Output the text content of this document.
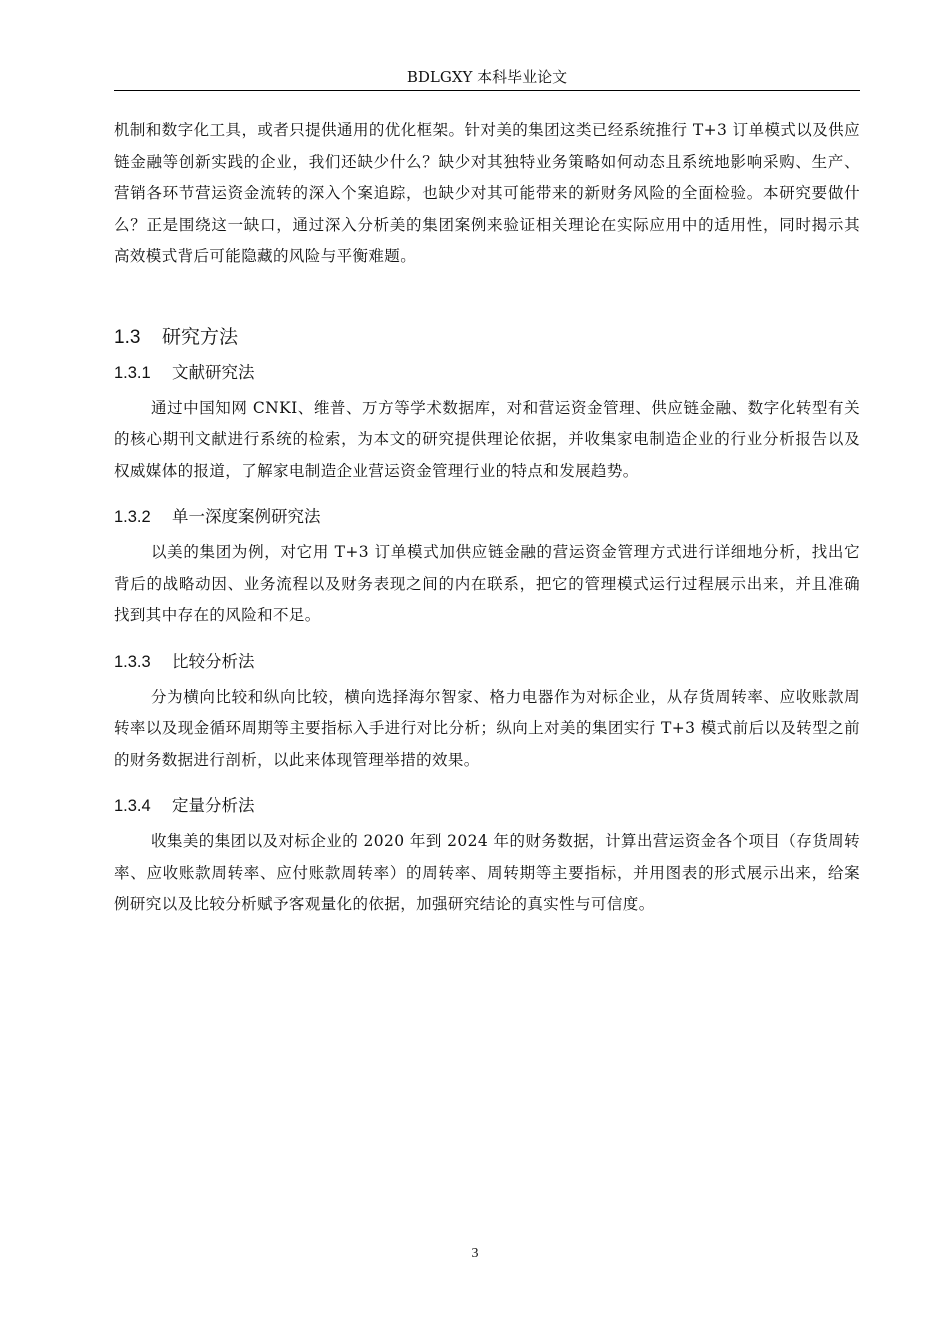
BDLGXY 本科毕业论文

机制和数字化工具，或者只提供通用的优化框架。针对美的集团这类已经系统推行 T+3 订单模式以及供应链金融等创新实践的企业，我们还缺少什么？缺少对其独特业务策略如何动态且系统地影响采购、生产、营销各环节营运资金流转的深入个案追踪，也缺少对其可能带来的新财务风险的全面检验。本研究要做什么？正是围绕这一缺口，通过深入分析美的集团案例来验证相关理论在实际应用中的适用性，同时揭示其高效模式背后可能隐藏的风险与平衡难题。

1.3 研究方法
1.3.1 文献研究法

通过中国知网 CNKI、维普、万方等学术数据库，对和营运资金管理、供应链金融、数字化转型有关的核心期刊文献进行系统的检索，为本文的研究提供理论依据，并收集家电制造企业的行业分析报告以及权威媒体的报道，了解家电制造企业营运资金管理行业的特点和发展趋势。

1.3.2 单一深度案例研究法

以美的集团为例，对它用 T+3 订单模式加供应链金融的营运资金管理方式进行详细地分析，找出它背后的战略动因、业务流程以及财务表现之间的内在联系，把它的管理模式运行过程展示出来，并且准确找到其中存在的风险和不足。

1.3.3 比较分析法

分为横向比较和纵向比较，横向选择海尔智家、格力电器作为对标企业，从存货周转率、应收账款周转率以及现金循环周期等主要指标入手进行对比分析；纵向上对美的集团实行 T+3 模式前后以及转型之前的财务数据进行剖析，以此来体现管理举措的效果。

1.3.4 定量分析法

收集美的集团以及对标企业的 2020 年到 2024 年的财务数据，计算出营运资金各个项目（存货周转率、应收账款周转率、应付账款周转率）的周转率、周转期等主要指标，并用图表的形式展示出来，给案例研究以及比较分析赋予客观量化的依据，加强研究结论的真实性与可信度。

3
